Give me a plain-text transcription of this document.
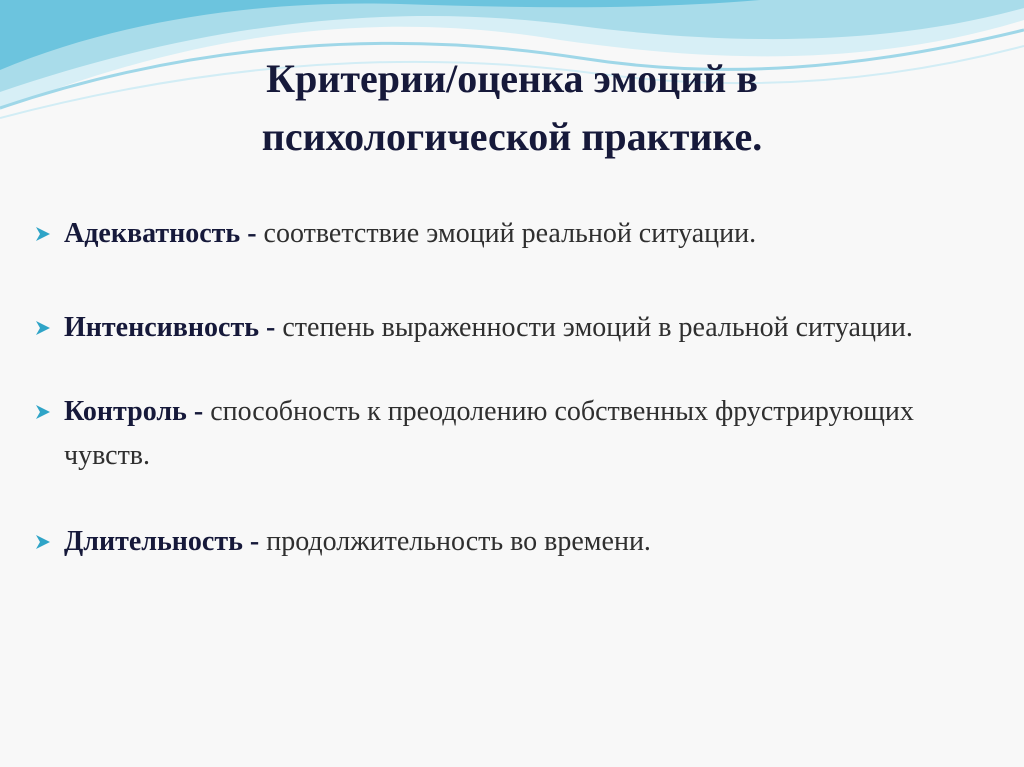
Критерии/оценка эмоций в
психологической практике.
Адекватность - соответствие эмоций реальной ситуации.
Интенсивность - степень выраженности эмоций в реальной ситуации.
Контроль - способность к преодолению собственных фрустрирующих чувств.
Длительность - продолжительность во времени.
